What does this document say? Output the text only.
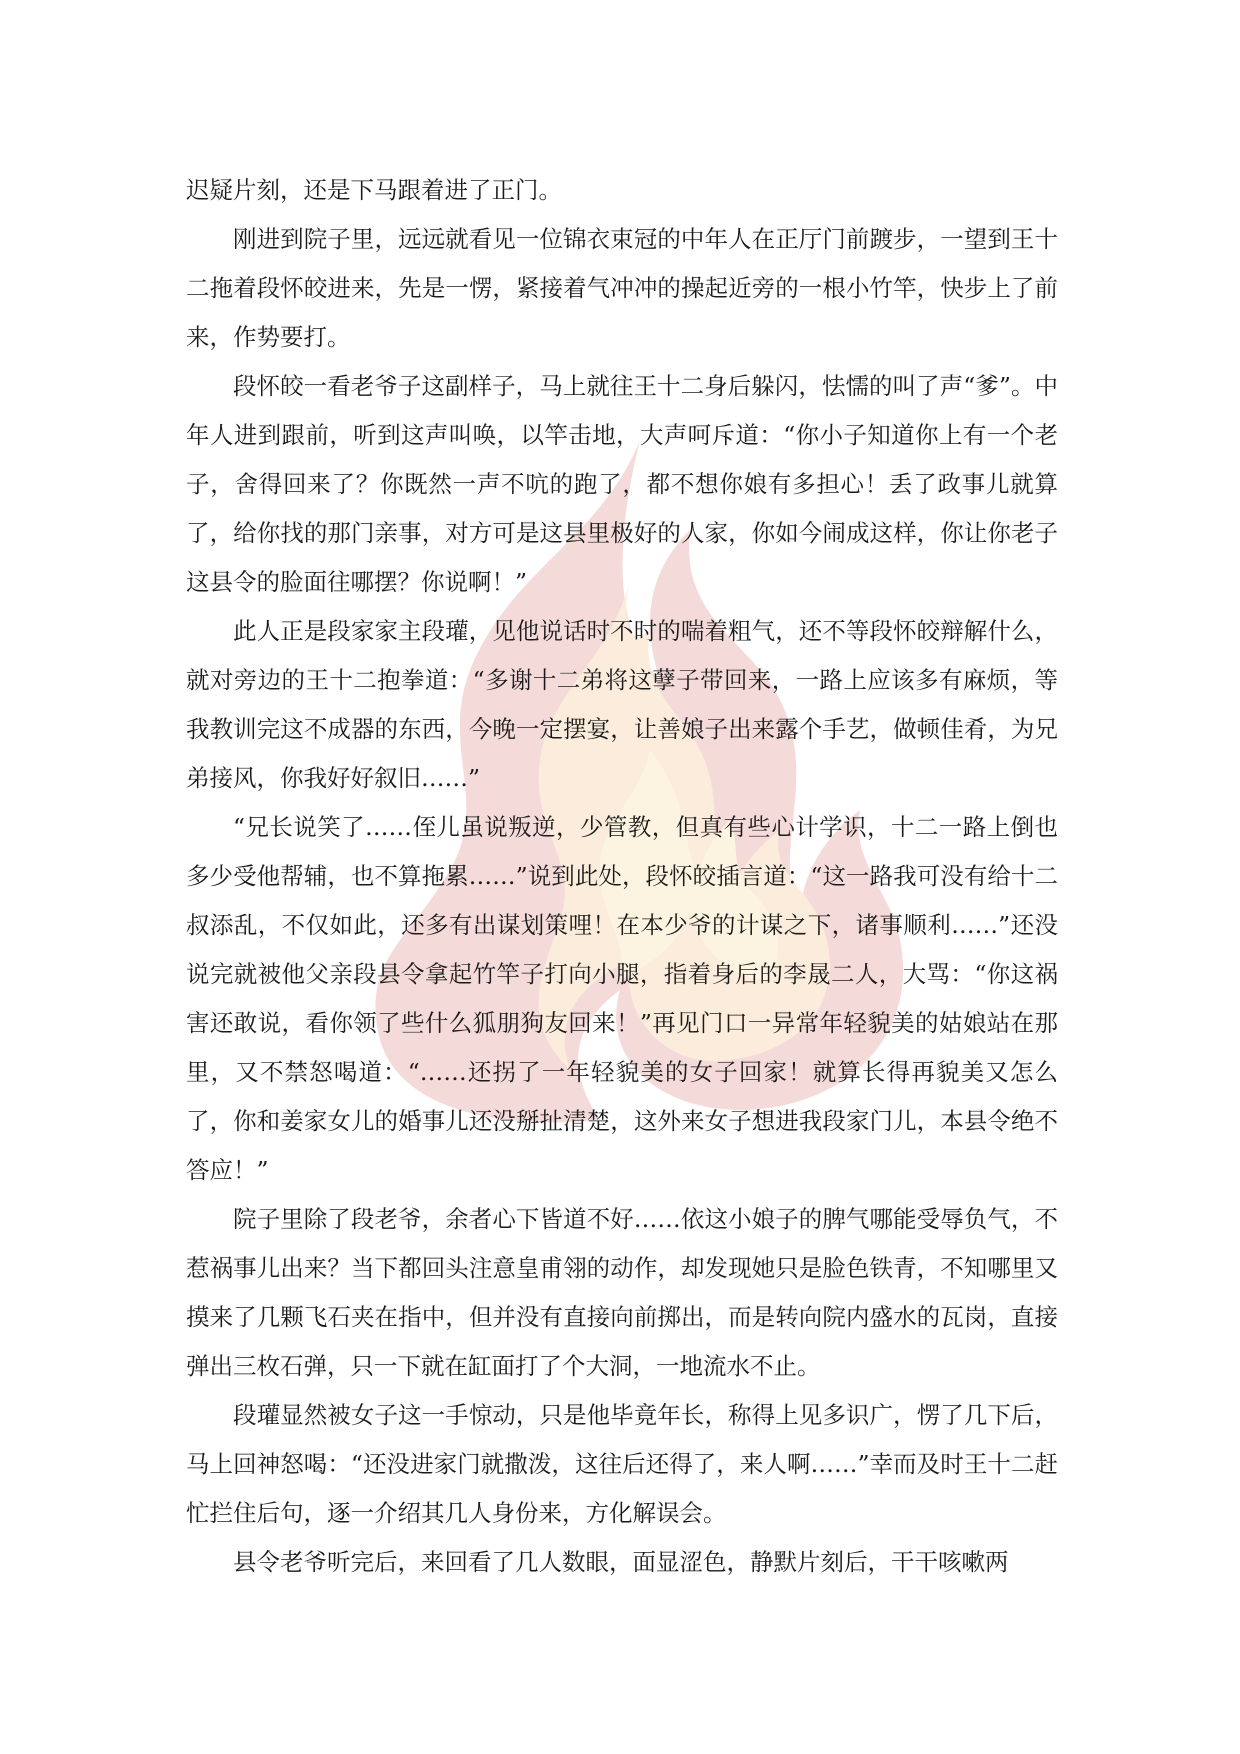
迟疑片刻，还是下马跟着进了正门。

刚进到院子里，远远就看见一位锦衣束冠的中年人在正厅门前踱步，一望到王十二拖着段怀皎进来，先是一愣，紧接着气冲冲的操起近旁的一根小竹竿，快步上了前来，作势要打。

段怀皎一看老爷子这副样子，马上就往王十二身后躲闪，怯懦的叫了声“爹”。中年人进到跟前，听到这声叫唤，以竿击地，大声呵斥道：“你小子知道你上有一个老子，舍得回来了？你既然一声不吭的跑了，都不想你娘有多担心！丢了政事儿就算了，给你找的那门亲事，对方可是这县里极好的人家，你如今闹成这样，你让你老子这县令的脸面往哪摆？你说啊！”

此人正是段家家主段瓘，见他说话时不时的喘着粗气，还不等段怀皎辩解什么，就对旁边的王十二抱拳道：“多谢十二弟将这孽子带回来，一路上应该多有麻烦，等我教训完这不成器的东西，今晚一定摆宴，让善娘子出来露个手艺，做顿佳肴，为兄弟接风，你我好好叙旧……”

“兄长说笑了……侄儿虽说叛逆，少管教，但真有些心计学识，十二一路上倒也多少受他帮辅，也不算拖累……”说到此处，段怀皎插言道：“这一路我可没有给十二叔添乱，不仅如此，还多有出谋划策哩！在本少爷的计谋之下，诸事顺利……”还没说完就被他父亲段县令拿起竹竿子打向小腿，指着身后的李晟二人，大骂：“你这祸害还敢说，看你领了些什么狐朋狗友回来！”再见门口一异常年轻貌美的姑娘站在那里，又不禁怒喝道：“……还拐了一年轻貌美的女子回家！就算长得再貌美又怎么了，你和姜家女儿的婚事儿还没掰扯清楚，这外来女子想进我段家门儿，本县令绝不答应！”

院子里除了段老爷，余者心下皆道不好……依这小娘子的脾气哪能受辱负气，不惹祸事儿出来？当下都回头注意皇甫翎的动作，却发现她只是脸色铁青，不知哪里又摸来了几颗飞石夹在指中，但并没有直接向前掷出，而是转向院内盛水的瓦岗，直接弹出三枚石弹，只一下就在缸面打了个大洞，一地流水不止。

段瓘显然被女子这一手惊动，只是他毕竟年长，称得上见多识广，愣了几下后，马上回神怒喝：“还没进家门就撒泼，这往后还得了，来人啊……”幸而及时王十二赶忙拦住后句，逐一介绍其几人身份来，方化解误会。

县令老爷听完后，来回看了几人数眼，面显涩色，静默片刻后，干干咳嗽两
